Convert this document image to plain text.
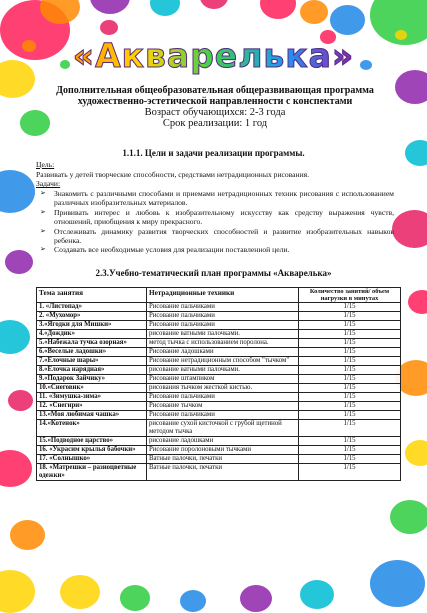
«Акварелька»
Дополнительная общеобразовательная общеразвивающая программа
художественно-эстетической направленности с конспектами
Возраст обучающихся: 2-3 года
Срок реализации: 1 год
1.1.1. Цели и задачи реализации программы.
Цель:
Развивать у детей творческие способности, средствами нетрадиционных рисования.
Задачи:
➢	Знакомить с различными способами и приемами нетрадиционных техник рисования с использованием различных изобразительных материалов.
➢	Прививать интерес и любовь к изобразительному искусству как средству выражения чувств, отношений, приобщения к миру прекрасного.
➢	Отслеживать динамику развития творческих способностей и развитие изобразительных навыков ребенка.
➢	Создавать все необходимые условия для реализации поставленной цели.
2.3.Учебно-тематический план программы «Акварелька»
Тема занятия	Нетрадиционные техники	Количество занятий/ объем нагрузки в минутах
1. «Листопад»	Рисование пальчиками	1/15
2. «Мухомор»	Рисование пальчиками	1/15
3.«Ягодки для Мишки»	Рисование пальчиками	1/15
4.«Дождик»	рисование ватными палочками.	1/15
5.«Набежала тучка озорная»	метод тычка с использованием поролона.	1/15
6.«Веселые ладошки»	Рисование ладошками	1/15
7.«Елочные шары»	Рисование нетрадиционным способом "тычком"	1/15
8.«Елочка нарядная»	рисование ватными палочками.	1/15
9.«Подарок Зайчику»	Рисование штампиком	1/15
10.«Снеговик»	рисования тычком жесткой кистью.	1/15
11. «Зимушка-зима»	Рисование пальчиками	1/15
12. «Снегири»	Рисование тычком	1/15
13.«Моя любимая чашка»	Рисование пальчиками	1/15
14.«Котенок»	рисование сухой кисточкой с грубой щетиной методом тычка	1/15
15.«Подводное царство»	рисование ладошками	1/15
16. «Украсим крылья бабочки»	Рисование поролоновыми тычками	1/15
17. «Солнышко»	Ватные палочки, печатки	1/15
18. «Матрешки – разноцветные одежки»	Ватные палочки, печатки	1/15
